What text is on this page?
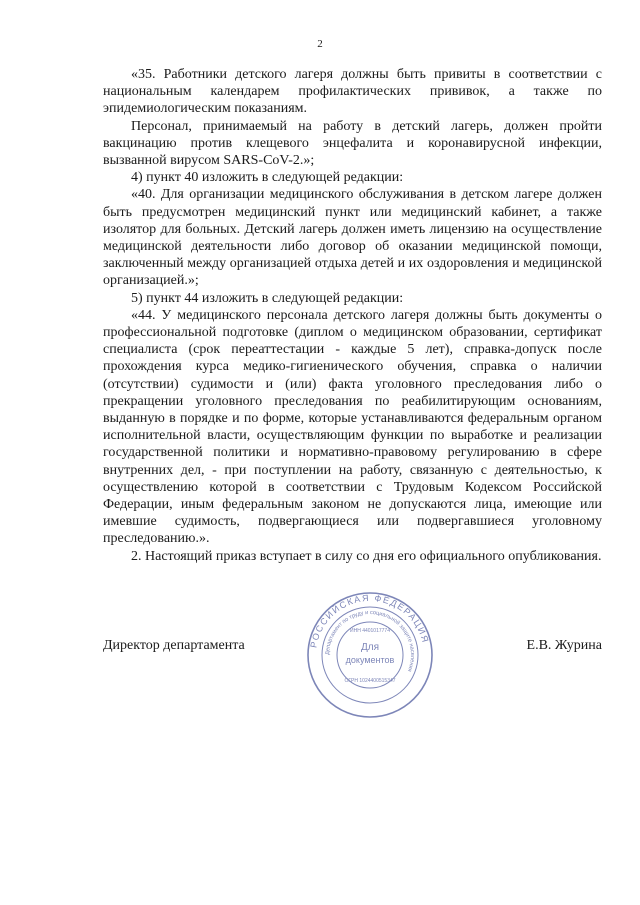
2

«35. Работники детского лагеря должны быть привиты в соответствии с национальным календарем профилактических прививок, а также по эпидемиологическим показаниям.

Персонал, принимаемый на работу в детский лагерь, должен пройти вакцинацию против клещевого энцефалита и коронавирусной инфекции, вызванной вирусом SARS-CoV-2.»;

4) пункт 40 изложить в следующей редакции:

«40. Для организации медицинского обслуживания в детском лагере должен быть предусмотрен медицинский пункт или медицинский кабинет, а также изолятор для больных. Детский лагерь должен иметь лицензию на осуществление медицинской деятельности либо договор об оказании медицинской помощи, заключенный между организацией отдыха детей и их оздоровления и медицинской организацией.»;

5) пункт 44 изложить в следующей редакции:

«44. У медицинского персонала детского лагеря должны быть документы о профессиональной подготовке (диплом о медицинском образовании, сертификат специалиста (срок переаттестации - каждые 5 лет), справка-допуск после прохождения курса медико-гигиенического обучения, справка о наличии (отсутствии) судимости и (или) факта уголовного преследования либо о прекращении уголовного преследования по реабилитирующим основаниям, выданную в порядке и по форме, которые устанавливаются федеральным органом исполнительной власти, осуществляющим функции по выработке и реализации государственной политики и нормативно-правовому регулированию в сфере внутренних дел, - при поступлении на работу, связанную с деятельностью, к осуществлению которой в соответствии с Трудовым Кодексом Российской Федерации, иным федеральным законом не допускаются лица, имеющие или имевшие судимость, подвергающиеся или подвергавшиеся уголовному преследованию.».

2. Настоящий приказ вступает в силу со дня его официального опубликования.

Директор департамента	Е.В. Журина
РОССИЙСКАЯ ФЕДЕРАЦИЯ
Департамент по труду и социальной защите населения
Для
документов
ИНН 4401017774
ОГРН 1024400515347
